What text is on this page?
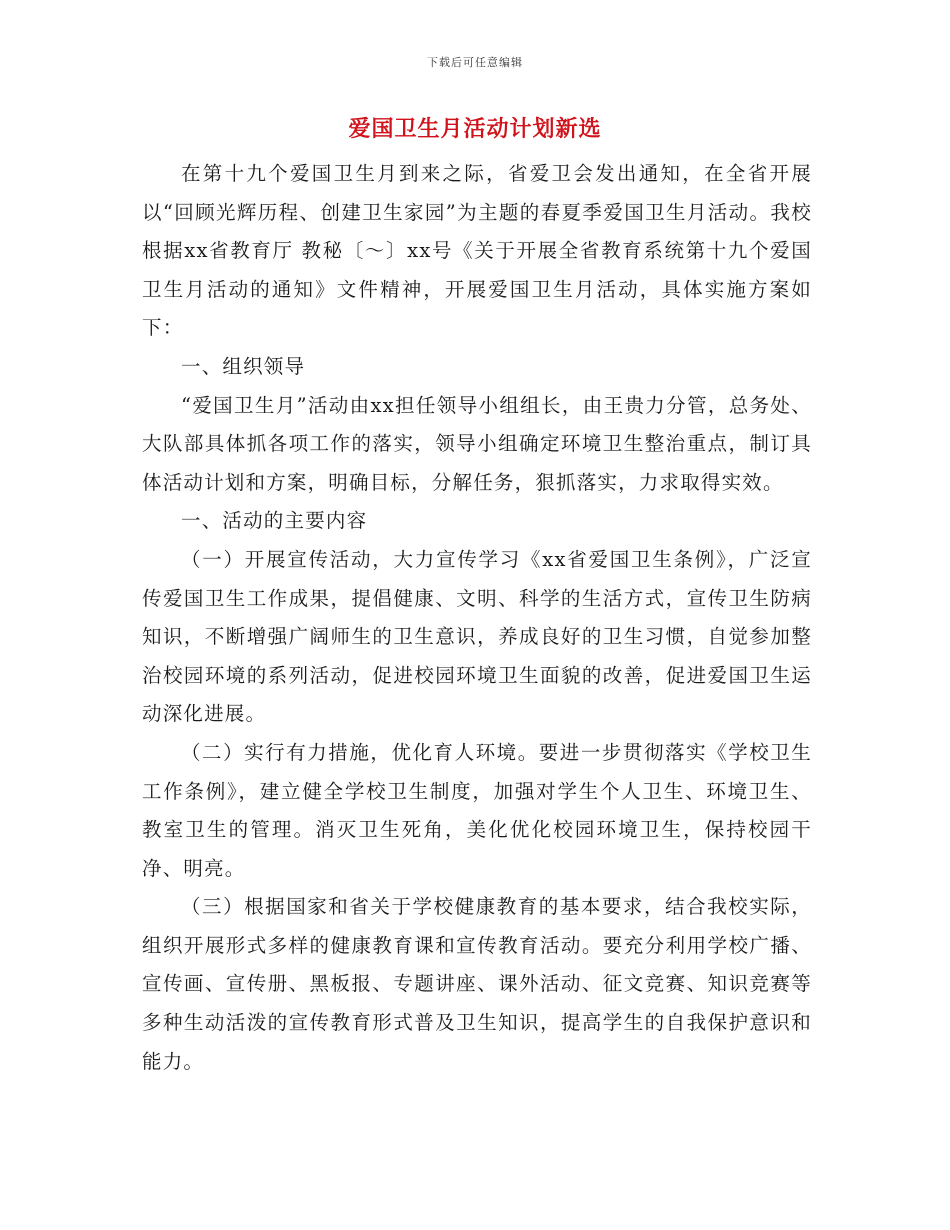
下载后可任意编辑
爱国卫生月活动计划新选

在第十九个爱国卫生月到来之际，省爱卫会发出通知，在全省开展以“回顾光辉历程、创建卫生家园”为主题的春夏季爱国卫生月活动。我校根据xx省教育厅 教秘〔～〕xx号《关于开展全省教育系统第十九个爱国卫生月活动的通知》文件精神，开展爱国卫生月活动，具体实施方案如下：

一、组织领导

“爱国卫生月”活动由xx担任领导小组组长，由王贵力分管，总务处、大队部具体抓各项工作的落实，领导小组确定环境卫生整治重点，制订具体活动计划和方案，明确目标，分解任务，狠抓落实，力求取得实效。

一、活动的主要内容

（一）开展宣传活动，大力宣传学习《xx省爱国卫生条例》，广泛宣传爱国卫生工作成果，提倡健康、文明、科学的生活方式，宣传卫生防病知识，不断增强广阔师生的卫生意识，养成良好的卫生习惯，自觉参加整治校园环境的系列活动，促进校园环境卫生面貌的改善，促进爱国卫生运动深化进展。

（二）实行有力措施，优化育人环境。要进一步贯彻落实《学校卫生工作条例》，建立健全学校卫生制度，加强对学生个人卫生、环境卫生、教室卫生的管理。消灭卫生死角，美化优化校园环境卫生，保持校园干净、明亮。

（三）根据国家和省关于学校健康教育的基本要求，结合我校实际，组织开展形式多样的健康教育课和宣传教育活动。要充分利用学校广播、宣传画、宣传册、黑板报、专题讲座、课外活动、征文竞赛、知识竞赛等多种生动活泼的宣传教育形式普及卫生知识，提高学生的自我保护意识和能力。
